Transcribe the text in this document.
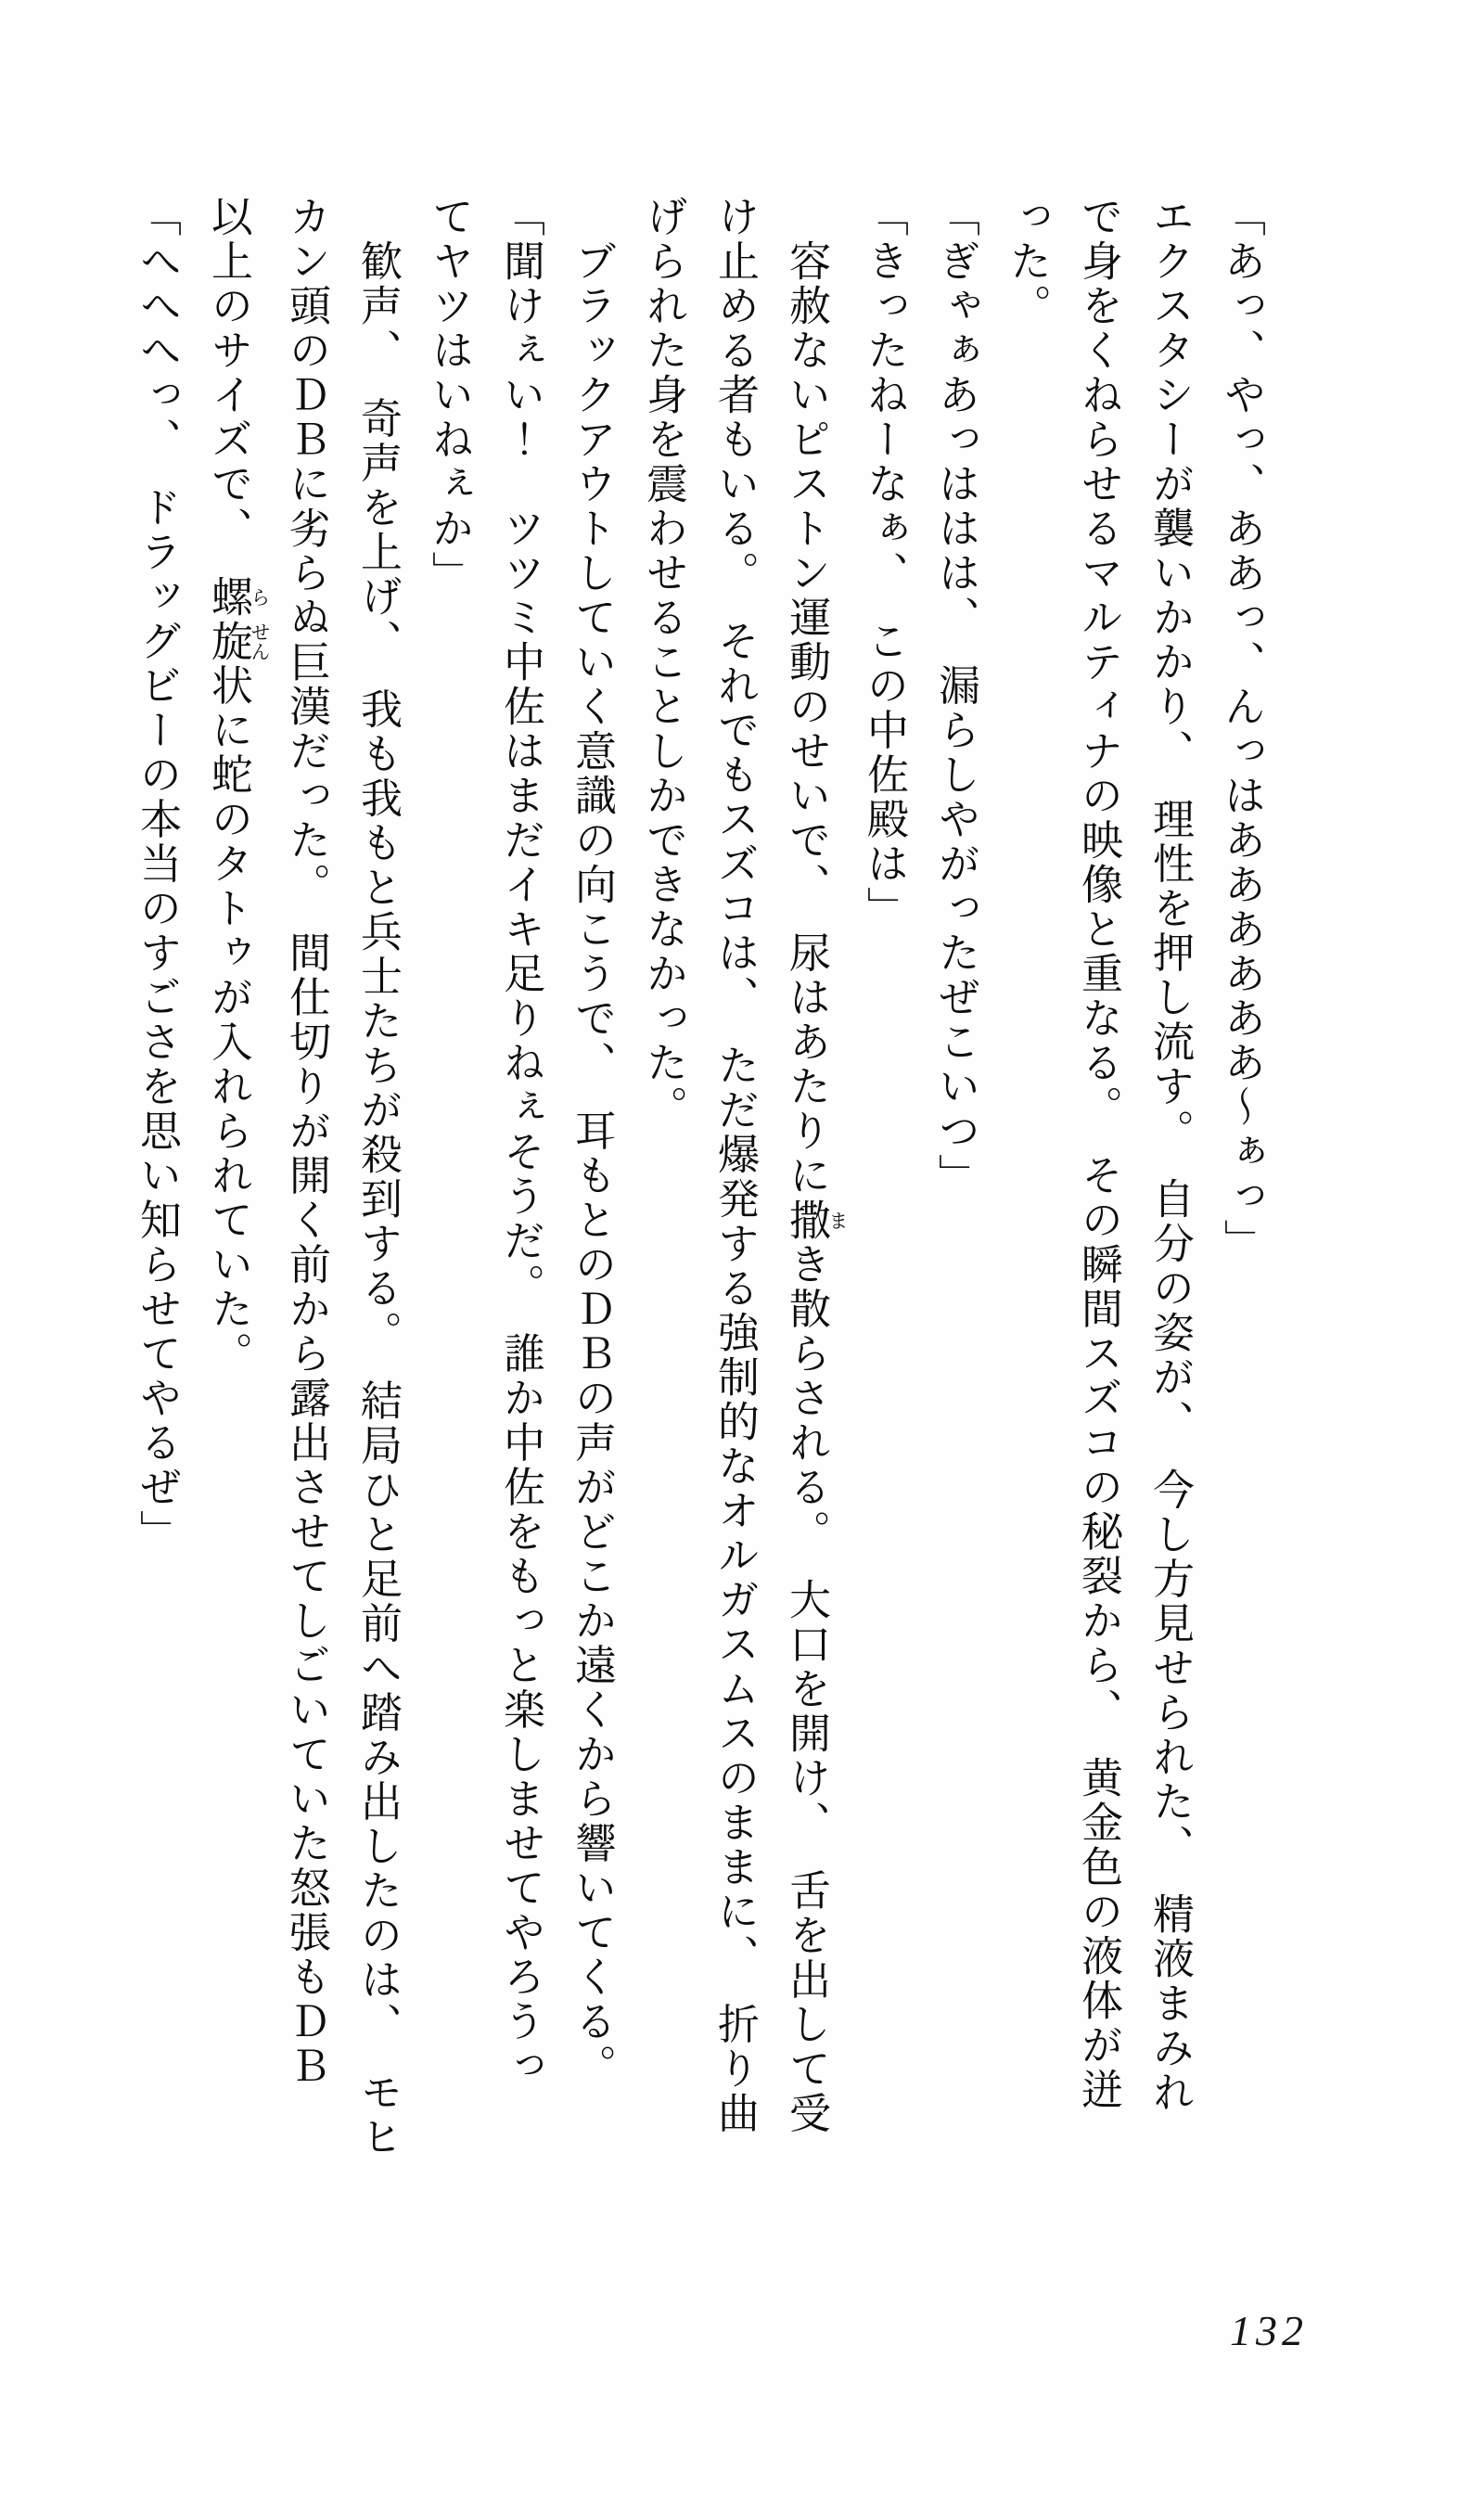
「あっ、やっ、ああっ、んっはああああああ～ぁっ」
エクスタシーが襲いかかり、　理性を押し流す。　自分の姿が、　今し方見せられた、　精液まみれ
で身をくねらせるマルティナの映像と重なる。　その瞬間スズコの秘裂から、　黄金色の液体が迸
った。
「ぎゃぁあっははは、　漏らしやがったぜこいつ」
「きったねーなぁ、　この中佐殿は」
容赦ないピストン運動のせいで、　尿はあたりに撒まき散らされる。　大口を開け、　舌を出して受
け止める者もいる。　それでもスズコは、　ただ爆発する強制的なオルガスムスのままに、　折り曲
げられた身を震わせることしかできなかった。
ブラックアウトしていく意識の向こうで、　耳もとのＤＢの声がどこか遠くから響いてくる。
「聞けぇい！　ツツミ中佐はまだイキ足りねぇそうだ。　誰か中佐をもっと楽しませてやろうっ
てヤツはいねぇか」
歓声、　奇声を上げ、　我も我もと兵士たちが殺到する。　結局ひと足前へ踏み出したのは、　モヒ
カン頭のＤＢに劣らぬ巨漢だった。　間仕切りが開く前から露出させてしごいていた怒張もＤＢ
以上のサイズで、　螺ら旋せん状に蛇のタトゥが入れられていた。
「へへへっ、　ドラッグビーの本当のすごさを思い知らせてやるぜ」
132
